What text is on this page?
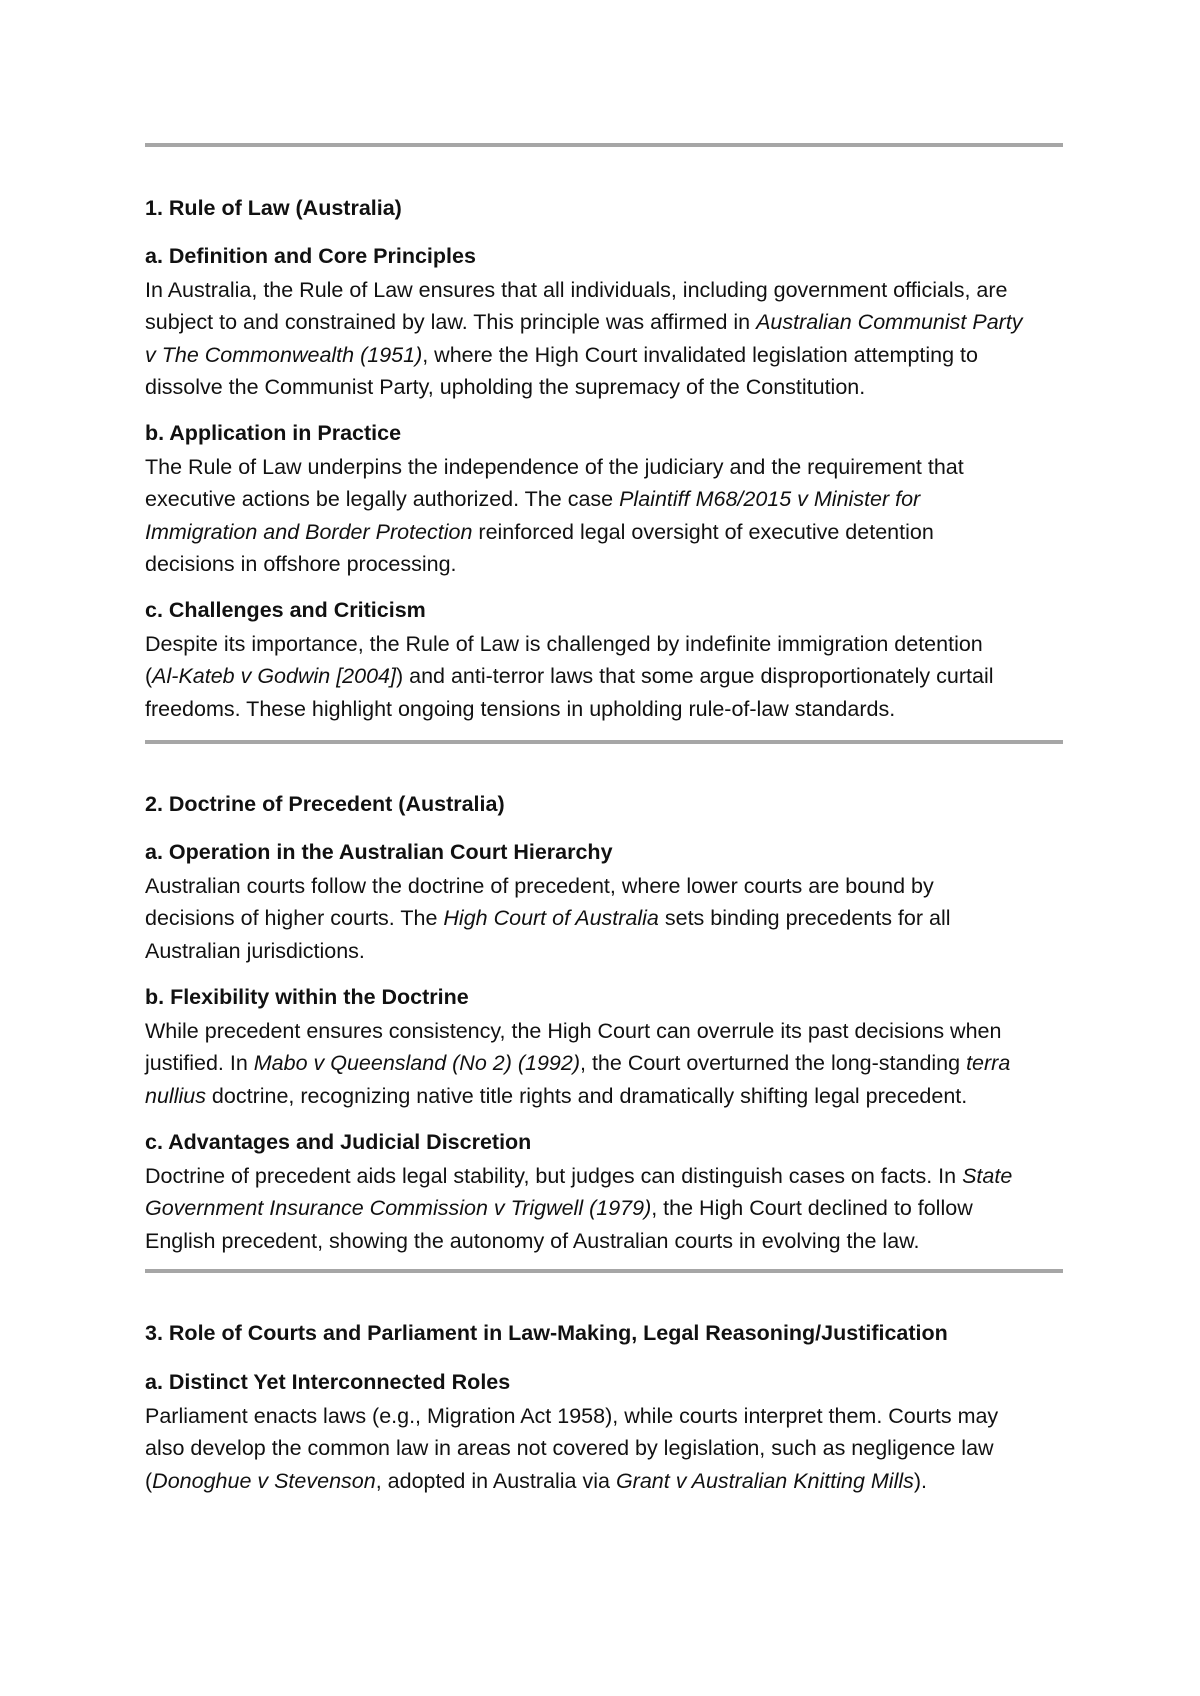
1. Rule of Law (Australia)
a. Definition and Core Principles
In Australia, the Rule of Law ensures that all individuals, including government officials, are
subject to and constrained by law. This principle was affirmed in Australian Communist Party
v The Commonwealth (1951), where the High Court invalidated legislation attempting to
dissolve the Communist Party, upholding the supremacy of the Constitution.
b. Application in Practice
The Rule of Law underpins the independence of the judiciary and the requirement that
executive actions be legally authorized. The case Plaintiff M68/2015 v Minister for
Immigration and Border Protection reinforced legal oversight of executive detention
decisions in offshore processing.
c. Challenges and Criticism
Despite its importance, the Rule of Law is challenged by indefinite immigration detention
(Al-Kateb v Godwin [2004]) and anti-terror laws that some argue disproportionately curtail
freedoms. These highlight ongoing tensions in upholding rule-of-law standards.
2. Doctrine of Precedent (Australia)
a. Operation in the Australian Court Hierarchy
Australian courts follow the doctrine of precedent, where lower courts are bound by
decisions of higher courts. The High Court of Australia sets binding precedents for all
Australian jurisdictions.
b. Flexibility within the Doctrine
While precedent ensures consistency, the High Court can overrule its past decisions when
justified. In Mabo v Queensland (No 2) (1992), the Court overturned the long-standing terra
nullius doctrine, recognizing native title rights and dramatically shifting legal precedent.
c. Advantages and Judicial Discretion
Doctrine of precedent aids legal stability, but judges can distinguish cases on facts. In State
Government Insurance Commission v Trigwell (1979), the High Court declined to follow
English precedent, showing the autonomy of Australian courts in evolving the law.
3. Role of Courts and Parliament in Law-Making, Legal Reasoning/Justification
a. Distinct Yet Interconnected Roles
Parliament enacts laws (e.g., Migration Act 1958), while courts interpret them. Courts may
also develop the common law in areas not covered by legislation, such as negligence law
(Donoghue v Stevenson, adopted in Australia via Grant v Australian Knitting Mills).
